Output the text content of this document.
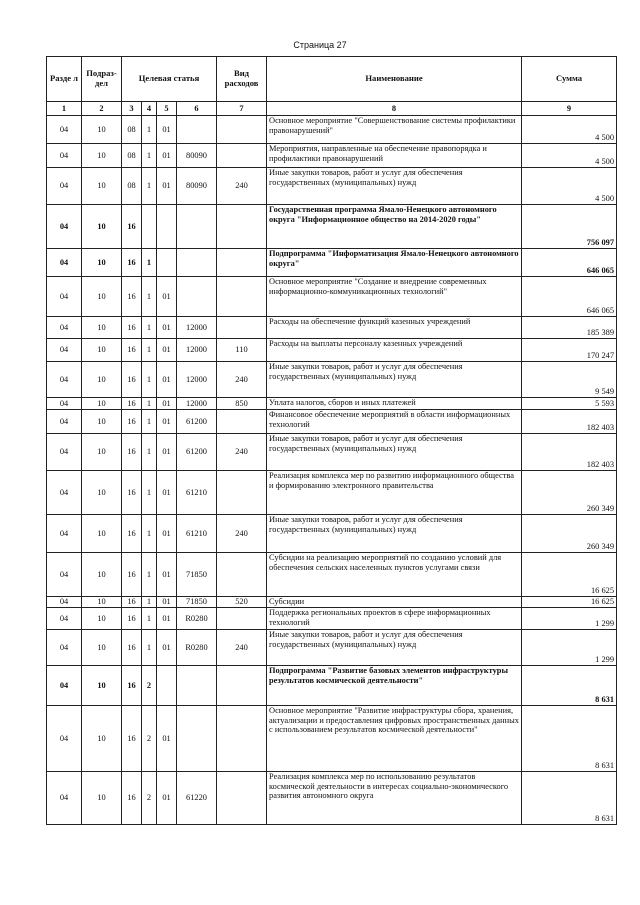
Страница 27
Разде л	Подраз- дел	Целевая статья				Вид расходов	Наименование	Сумма
1	2	3	4	5	6	7	8	9
04	10	08	1	01			Основное мероприятие "Совершенствование системы профилактики правонарушений"	4 500
04	10	08	1	01	80090		Мероприятия, направленные на обеспечение правопорядка и профилактики правонарушений	4 500
04	10	08	1	01	80090	240	Иные закупки товаров, работ и услуг для обеспечения государственных (муниципальных) нужд	4 500
04	10	16					Государственная программа Ямало-Ненецкого автономного округа "Информационное общество на 2014-2020 годы"	756 097
04	10	16	1				Подпрограмма "Информатизация Ямало-Ненецкого автономного округа"	646 065
04	10	16	1	01			Основное мероприятие "Создание и внедрение современных информационно-коммуникационных технологий"	646 065
04	10	16	1	01	12000		Расходы на обеспечение функций казенных учреждений	185 389
04	10	16	1	01	12000	110	Расходы на выплаты персоналу казенных учреждений	170 247
04	10	16	1	01	12000	240	Иные закупки товаров, работ и услуг для обеспечения государственных (муниципальных) нужд	9 549
04	10	16	1	01	12000	850	Уплата налогов, сборов и иных платежей	5 593
04	10	16	1	01	61200		Финансовое обеспечение мероприятий в области информационных технологий	182 403
04	10	16	1	01	61200	240	Иные закупки товаров, работ и услуг для обеспечения государственных (муниципальных) нужд	182 403
04	10	16	1	01	61210		Реализация комплекса мер по развитию информационного общества и формированию электронного правительства	260 349
04	10	16	1	01	61210	240	Иные закупки товаров, работ и услуг для обеспечения государственных (муниципальных) нужд	260 349
04	10	16	1	01	71850		Субсидии на реализацию мероприятий по созданию условий для обеспечения сельских населенных пунктов услугами связи	16 625
04	10	16	1	01	71850	520	Субсидии	16 625
04	10	16	1	01	R0280		Поддержка региональных проектов в сфере информационных технологий	1 299
04	10	16	1	01	R0280	240	Иные закупки товаров, работ и услуг для обеспечения государственных (муниципальных) нужд	1 299
04	10	16	2				Подпрограмма "Развитие базовых элементов инфраструктуры результатов космической деятельности"	8 631
04	10	16	2	01			Основное мероприятие "Развитие инфраструктуры сбора, хранения, актуализации и предоставления цифровых пространственных данных с использованием результатов космической деятельности"	8 631
04	10	16	2	01	61220		Реализация комплекса мер по использованию результатов космической деятельности в интересах социально-экономического развития автономного округа	8 631
